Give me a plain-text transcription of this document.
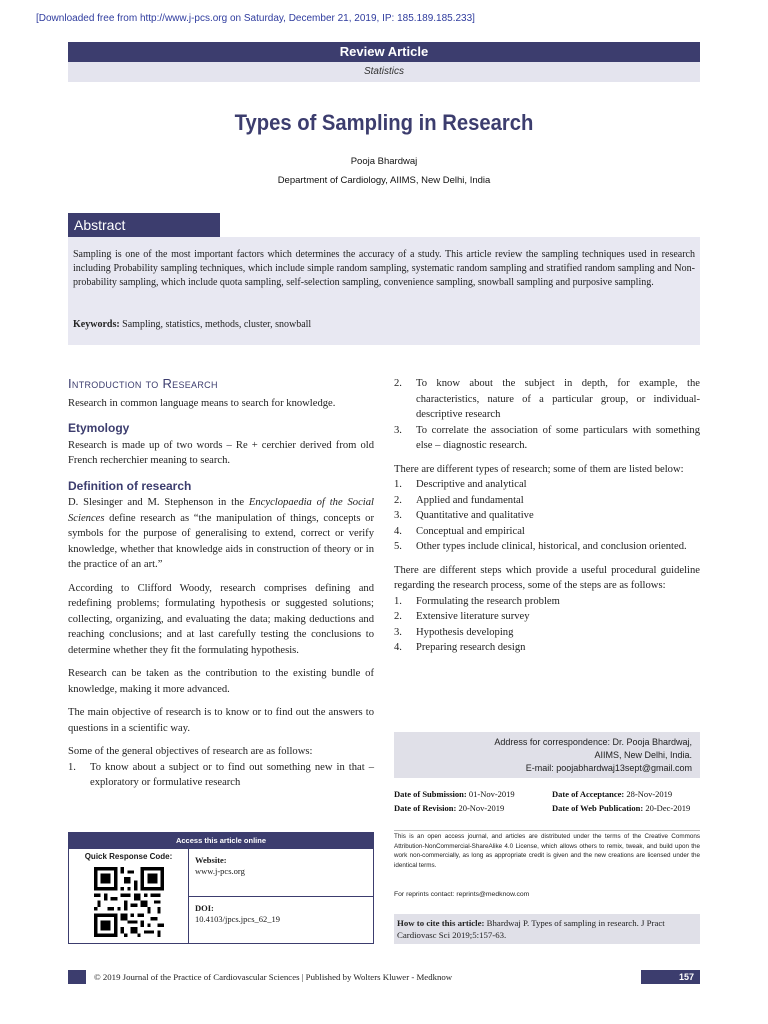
[Downloaded free from http://www.j-pcs.org on Saturday, December 21, 2019, IP: 185.189.185.233]
Review Article
Statistics
Types of Sampling in Research
Pooja Bhardwaj
Department of Cardiology, AIIMS, New Delhi, India
Abstract

Sampling is one of the most important factors which determines the accuracy of a study. This article review the sampling techniques used in research including Probability sampling techniques, which include simple random sampling, systematic random sampling and stratified random sampling and Non-probability sampling, which include quota sampling, self-selection sampling, convenience sampling, snowball sampling and purposive sampling.

Keywords: Sampling, statistics, methods, cluster, snowball

Introduction to Research

Research in common language means to search for knowledge.

Etymology

Research is made up of two words – Re + cerchier derived from old French recherchier meaning to search.

Definition of research

D. Slesinger and M. Stephenson in the Encyclopaedia of the Social Sciences define research as “the manipulation of things, concepts or symbols for the purpose of generalising to extend, correct or verify knowledge, whether that knowledge aids in construction of theory or in the practice of an art.”

According to Clifford Woody, research comprises defining and redefining problems; formulating hypothesis or suggested solutions; collecting, organizing, and evaluating the data; making deductions and reaching conclusions; and at last carefully testing the conclusions to determine whether they fit the formulating hypothesis.

Research can be taken as the contribution to the existing bundle of knowledge, making it more advanced.

The main objective of research is to know or to find out the answers to questions in a scientific way.

Some of the general objectives of research are as follows:

1.	To know about a subject or to find out something new in that – exploratory or formulative research
2.	To know about the subject in depth, for example, the characteristics, nature of a particular group, or individual-descriptive research
3.	To correlate the association of some particulars with something else – diagnostic research.

There are different types of research; some of them are listed below:

1.	Descriptive and analytical
2.	Applied and fundamental
3.	Quantitative and qualitative
4.	Conceptual and empirical
5.	Other types include clinical, historical, and conclusion oriented.

There are different steps which provide a useful procedural guideline regarding the research process, some of the steps are as follows:

1.	Formulating the research problem
2.	Extensive literature survey
3.	Hypothesis developing
4.	Preparing research design
Address for correspondence: Dr. Pooja Bhardwaj,
AIIMS, New Delhi, India.
E-mail: poojabhardwaj13sept@gmail.com
Date of Submission: 01-Nov-2019	Date of Acceptance: 28-Nov-2019
Date of Revision: 20-Nov-2019	Date of Web Publication: 20-Dec-2019

This is an open access journal, and articles are distributed under the terms of the Creative Commons Attribution-NonCommercial-ShareAlike 4.0 License, which allows others to remix, tweak, and build upon the work non-commercially, as long as appropriate credit is given and the new creations are licensed under the identical terms.

For reprints contact: reprints@medknow.com

How to cite this article: Bhardwaj P. Types of sampling in research. J Pract Cardiovasc Sci 2019;5:157-63.
Access this article online
Quick Response Code:	Website:
www.j-pcs.org
DOI:
10.4103/jpcs.jpcs_62_19
© 2019 Journal of the Practice of Cardiovascular Sciences | Published by Wolters Kluwer - Medknow	157
